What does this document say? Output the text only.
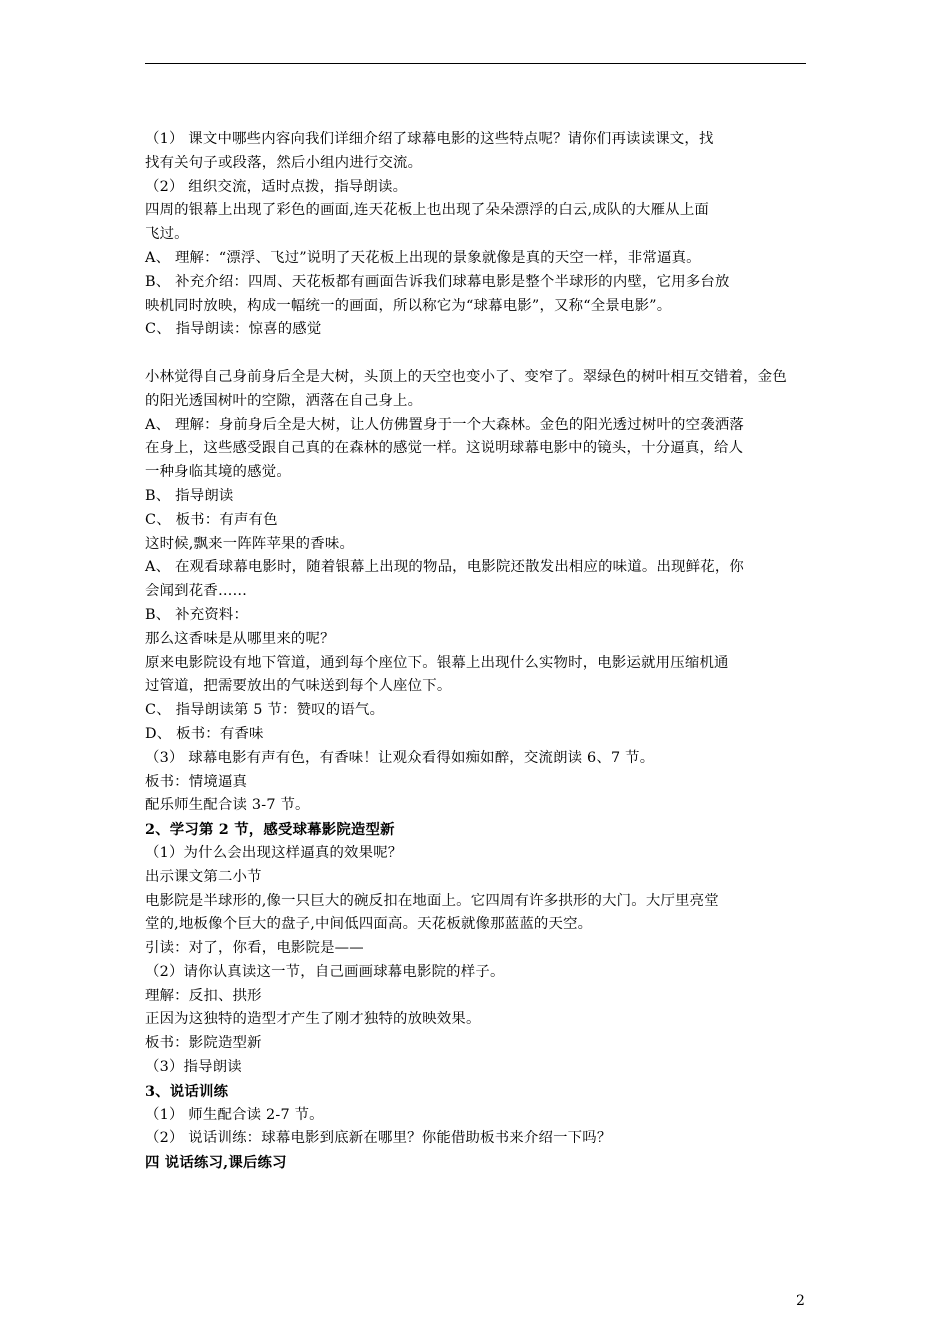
（1） 课文中哪些内容向我们详细介绍了球幕电影的这些特点呢？请你们再读读课文，找
找有关句子或段落，然后小组内进行交流。
（2） 组织交流，适时点拨，指导朗读。
四周的银幕上出现了彩色的画面,连天花板上也出现了朵朵漂浮的白云,成队的大雁从上面
飞过。
A、 理解：“漂浮、飞过”说明了天花板上出现的景象就像是真的天空一样，非常逼真。
B、 补充介绍：四周、天花板都有画面告诉我们球幕电影是整个半球形的内壁，它用多台放
映机同时放映，构成一幅统一的画面，所以称它为“球幕电影”，又称“全景电影”。
C、 指导朗读：惊喜的感觉
小林觉得自己身前身后全是大树，头顶上的天空也变小了、变窄了。翠绿色的树叶相互交错着，金色
的阳光透国树叶的空隙，洒落在自己身上。
A、 理解：身前身后全是大树，让人仿佛置身于一个大森林。金色的阳光透过树叶的空袭洒落
在身上，这些感受跟自己真的在森林的感觉一样。这说明球幕电影中的镜头，十分逼真，给人
一种身临其境的感觉。
B、 指导朗读
C、 板书：有声有色
这时候,飘来一阵阵苹果的香味。
A、 在观看球幕电影时，随着银幕上出现的物品，电影院还散发出相应的味道。出现鲜花，你
会闻到花香……
B、 补充资料：
那么这香味是从哪里来的呢？
原来电影院设有地下管道，通到每个座位下。银幕上出现什么实物时，电影运就用压缩机通
过管道，把需要放出的气味送到每个人座位下。
C、 指导朗读第 5 节：赞叹的语气。
D、 板书：有香味
（3） 球幕电影有声有色，有香味！让观众看得如痴如醉，交流朗读 6、7 节。
板书：情境逼真
配乐师生配合读 3-7 节。
2、学习第 2 节，感受球幕影院造型新
（1）为什么会出现这样逼真的效果呢？
出示课文第二小节
电影院是半球形的,像一只巨大的碗反扣在地面上。它四周有许多拱形的大门。大厅里亮堂
堂的,地板像个巨大的盘子,中间低四面高。天花板就像那蓝蓝的天空。
引读：对了，你看，电影院是——
（2）请你认真读这一节，自己画画球幕电影院的样子。
理解：反扣、拱形
正因为这独特的造型才产生了刚才独特的放映效果。
板书：影院造型新
（3）指导朗读
3、说话训练
（1） 师生配合读 2-7 节。
（2） 说话训练：球幕电影到底新在哪里？你能借助板书来介绍一下吗？
四 说话练习,课后练习
2
